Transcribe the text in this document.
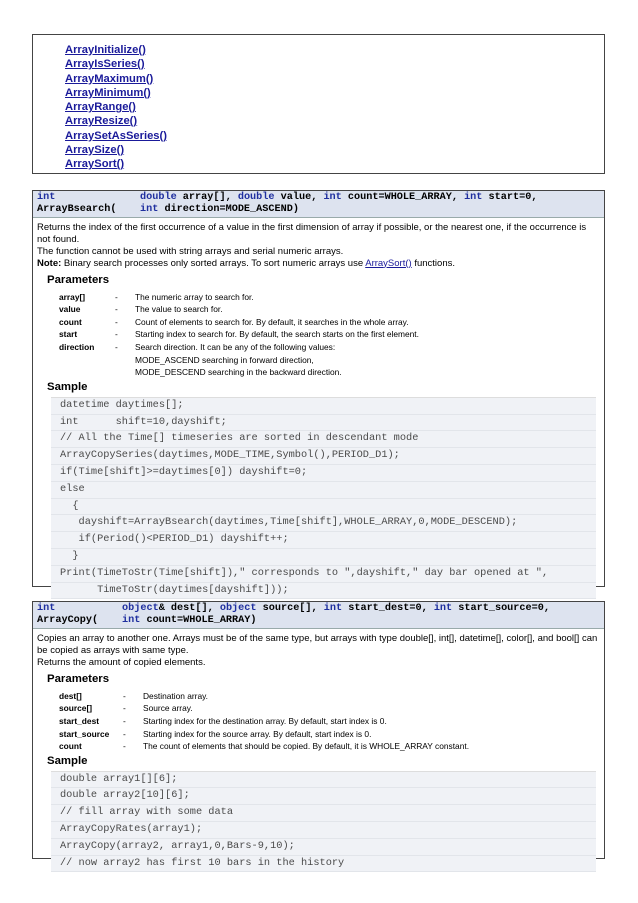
ArrayInitialize()
ArrayIsSeries()
ArrayMaximum()
ArrayMinimum()
ArrayRange()
ArrayResize()
ArraySetAsSeries()
ArraySize()
ArraySort()
int
ArrayBsearch(
double array[], double value, int count=WHOLE_ARRAY, int start=0,
int direction=MODE_ASCEND)
Returns the index of the first occurrence of a value in the first dimension of array if possible, or the nearest one, if the occurrence is not found.
The function cannot be used with string arrays and serial numeric arrays.
Note: Binary search processes only sorted arrays. To sort numeric arrays use ArraySort() functions.
Parameters
array[]	-	The numeric array to search for.
value	-	The value to search for.
count	-	Count of elements to search for. By default, it searches in the whole array.
start	-	Starting index to search for. By default, the search starts on the first element.
direction	-	Search direction. It can be any of the following values:
MODE_ASCEND searching in forward direction,
MODE_DESCEND searching in the backward direction.
Sample
datetime daytimes[];
int      shift=10,dayshift;
// All the Time[] timeseries are sorted in descendant mode
ArrayCopySeries(daytimes,MODE_TIME,Symbol(),PERIOD_D1);
if(Time[shift]>=daytimes[0]) dayshift=0;
else
{
dayshift=ArrayBsearch(daytimes,Time[shift],WHOLE_ARRAY,0,MODE_DESCEND);
if(Period()<PERIOD_D1) dayshift++;
}
Print(TimeToStr(Time[shift])," corresponds to ",dayshift," day bar opened at ",
TimeToStr(daytimes[dayshift]));
int
ArrayCopy(
object& dest[], object source[], int start_dest=0, int start_source=0,
int count=WHOLE_ARRAY)
Copies an array to another one. Arrays must be of the same type, but arrays with type double[], int[], datetime[], color[], and bool[] can be copied as arrays with same type.
Returns the amount of copied elements.
Parameters
dest[]	-	Destination array.
source[]	-	Source array.
start_dest	-	Starting index for the destination array. By default, start index is 0.
start_source	-	Starting index for the source array. By default, start index is 0.
count	-	The count of elements that should be copied. By default, it is WHOLE_ARRAY constant.
Sample
double array1[][6];
double array2[10][6];
// fill array with some data
ArrayCopyRates(array1);
ArrayCopy(array2, array1,0,Bars-9,10);
// now array2 has first 10 bars in the history
